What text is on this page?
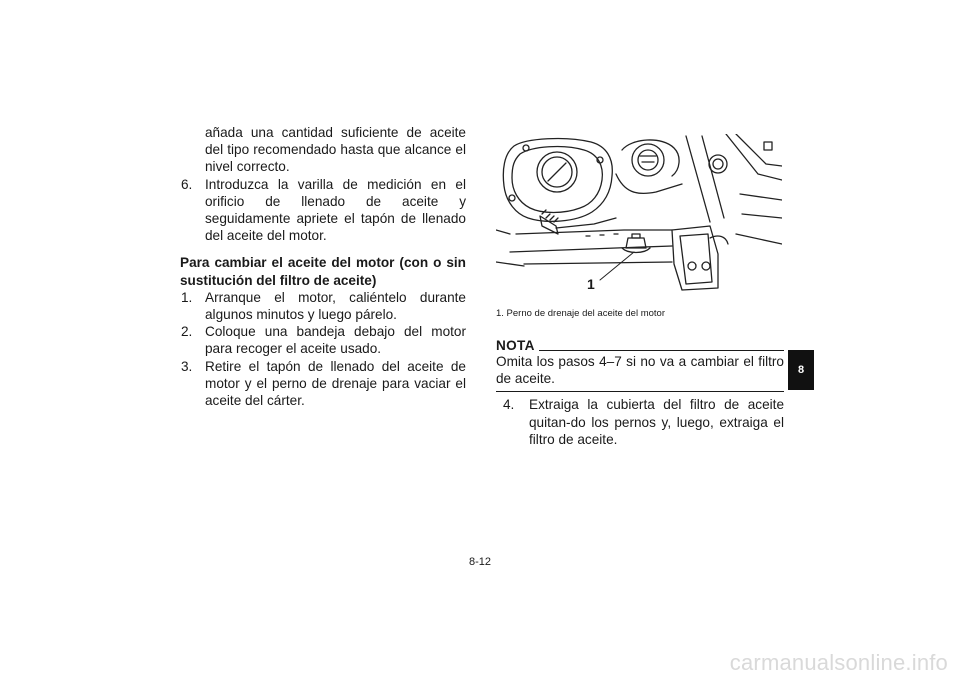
añada una cantidad suficiente de aceite del tipo recomendado hasta que alcance el nivel correcto.

6. Introduzca la varilla de medición en el orificio de llenado de aceite y seguidamente apriete el tapón de llenado del aceite del motor.

Para cambiar el aceite del motor (con o sin sustitución del filtro de aceite)

1. Arranque el motor, caliéntelo durante algunos minutos y luego párelo.
2. Coloque una bandeja debajo del motor para recoger el aceite usado.
3. Retire el tapón de llenado del aceite de motor y el perno de drenaje para vaciar el aceite del cárter.
1
1. Perno de drenaje del aceite del motor
NOTA

Omita los pasos 4–7 si no va a cambiar el filtro de aceite.

4.	Extraiga la cubierta del filtro de aceite quitan-do los pernos y, luego, extraiga el filtro de aceite.
8
8-12
carmanualsonline.info
